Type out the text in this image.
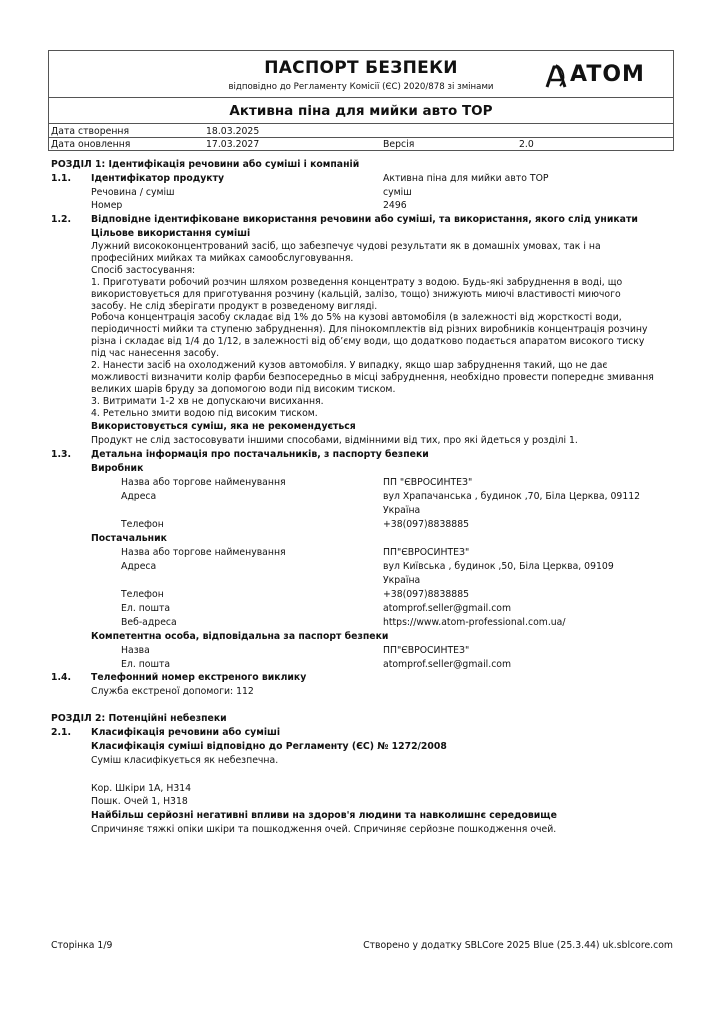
ПАСПОРТ БЕЗПЕКИ
відповідно до Регламенту Комісії (ЄС) 2020/878 зі змінами	ATOM
Активна піна для мийки авто TOP
Дата створення	18.03.2025
Дата оновлення	17.03.2027	Версія	2.0
РОЗДІЛ 1: Ідентифікація речовини або суміші і компаній
1.1. Ідентифікатор продукту	Активна піна для мийки авто TOP
Речовина / суміш	суміш
Номер	2496
1.2. Відповідне ідентифіковане використання речовини або суміші, та використання, якого слід уникати
Цільове використання суміші
Лужний висококонцентрований засіб, що забезпечує чудові результати як в домашніх умовах, так і на
професійних мийках та мийках самообслуговування.
Спосіб застосування:
1. Приготувати робочий розчин шляхом розведення концентрату з водою. Будь-які забруднення в воді, що
використовується для приготування розчину (кальцій, залізо, тощо) знижують миючі властивості миючого
засобу. Не слід зберігати продукт в розведеному вигляді.
Робоча концентрація засобу складає від 1% до 5% на кузові автомобіля (в залежності від жорсткості води,
періодичності мийки та ступеню забруднення). Для пінокомплектів від різних виробників концентрація розчину
різна і складає від 1/4 до 1/12, в залежності від об’єму води, що додатково подається апаратом високого тиску
під час нанесення засобу.
2. Нанести засіб на охолоджений кузов автомобіля. У випадку, якщо шар забруднення такий, що не дає
можливості визначити колір фарби безпосередньо в місці забруднення, необхідно провести попереднє змивання
великих шарів бруду за допомогою води під високим тиском.
3. Витримати 1-2 хв не допускаючи висихання.
4. Ретельно змити водою під високим тиском.
Використовується суміш, яка не рекомендується
Продукт не слід застосовувати іншими способами, відмінними від тих, про які йдеться у розділі 1.
1.3. Детальна інформація про постачальників, з паспорту безпеки
Виробник
Назва або торгове найменування	ПП "ЄВРОСИНТЕЗ"
Адреса	вул Храпачанська , будинок ,70, Біла Церква, 09112
Україна
Телефон	+38(097)8838885
Постачальник
Назва або торгове найменування	ПП"ЄВРОСИНТЕЗ"
Адреса	вул Київська , будинок ,50, Біла Церква, 09109
Україна
Телефон	+38(097)8838885
Ел. пошта	atomprof.seller@gmail.com
Веб-адреса	https://www.atom-professional.com.ua/
Компетентна особа, відповідальна за паспорт безпеки
Назва	ПП"ЄВРОСИНТЕЗ"
Ел. пошта	atomprof.seller@gmail.com
1.4. Телефонний номер екстреного виклику
Служба екстреної допомоги: 112
РОЗДІЛ 2: Потенційні небезпеки
2.1. Класифікація речовини або суміші
Класифікація суміші відповідно до Регламенту (ЄС) № 1272/2008
Суміш класифікується як небезпечна.
Кор. Шкіри 1А, Н314
Пошк. Очей 1, Н318
Найбільш серйозні негативні впливи на здоров'я людини та навколишнє середовище
Спричиняє тяжкі опіки шкіри та пошкодження очей. Спричиняє серйозне пошкодження очей.
Сторінка 1/9	Створено у додатку SBLCore 2025 Blue (25.3.44) uk.sblcore.com
